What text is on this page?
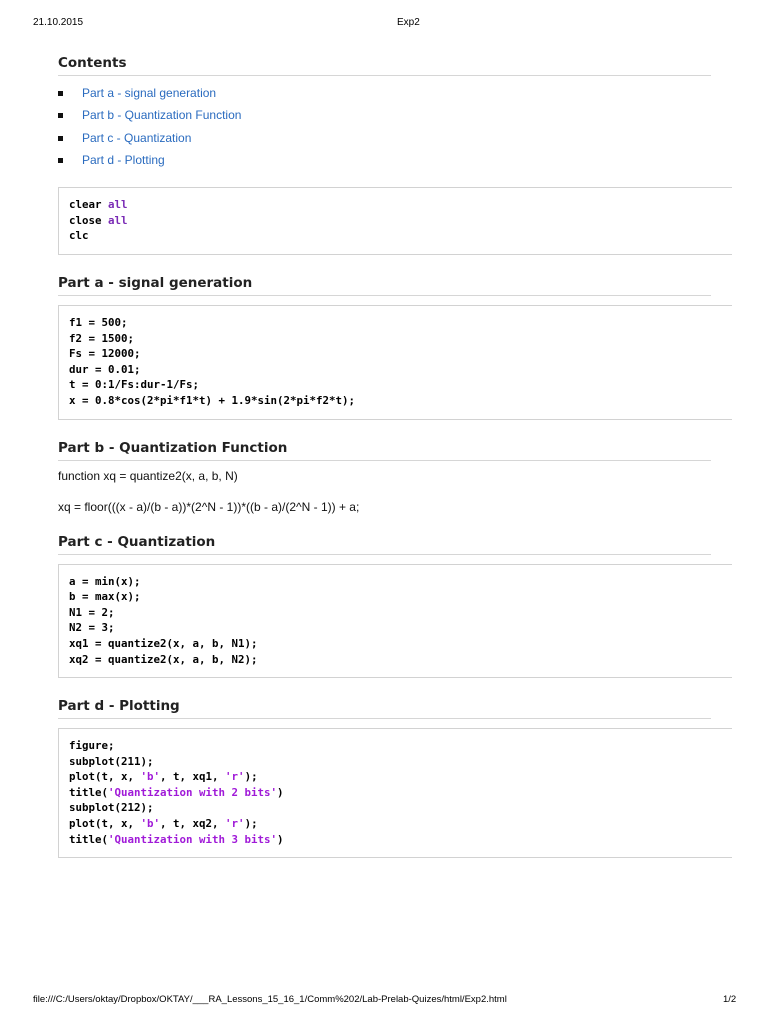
21.10.2015	Exp2
Contents
Part a - signal generation
Part b - Quantization Function
Part c - Quantization
Part d - Plotting
clear all
close all
clc
Part a - signal generation
f1 = 500;
f2 = 1500;
Fs = 12000;
dur = 0.01;
t = 0:1/Fs:dur-1/Fs;
x = 0.8*cos(2*pi*f1*t) + 1.9*sin(2*pi*f2*t);
Part b - Quantization Function

function xq = quantize2(x, a, b, N)

xq = floor(((x - a)/(b - a))*(2^N - 1))*((b - a)/(2^N - 1)) + a;

Part c - Quantization
a = min(x);
b = max(x);
N1 = 2;
N2 = 3;
xq1 = quantize2(x, a, b, N1);
xq2 = quantize2(x, a, b, N2);
Part d - Plotting
figure;
subplot(211);
plot(t, x, 'b', t, xq1, 'r');
title('Quantization with 2 bits')
subplot(212);
plot(t, x, 'b', t, xq2, 'r');
title('Quantization with 3 bits')
file:///C:/Users/oktay/Dropbox/OKTAY/___RA_Lessons_15_16_1/Comm%202/Lab-Prelab-Quizes/html/Exp2.html	1/2
